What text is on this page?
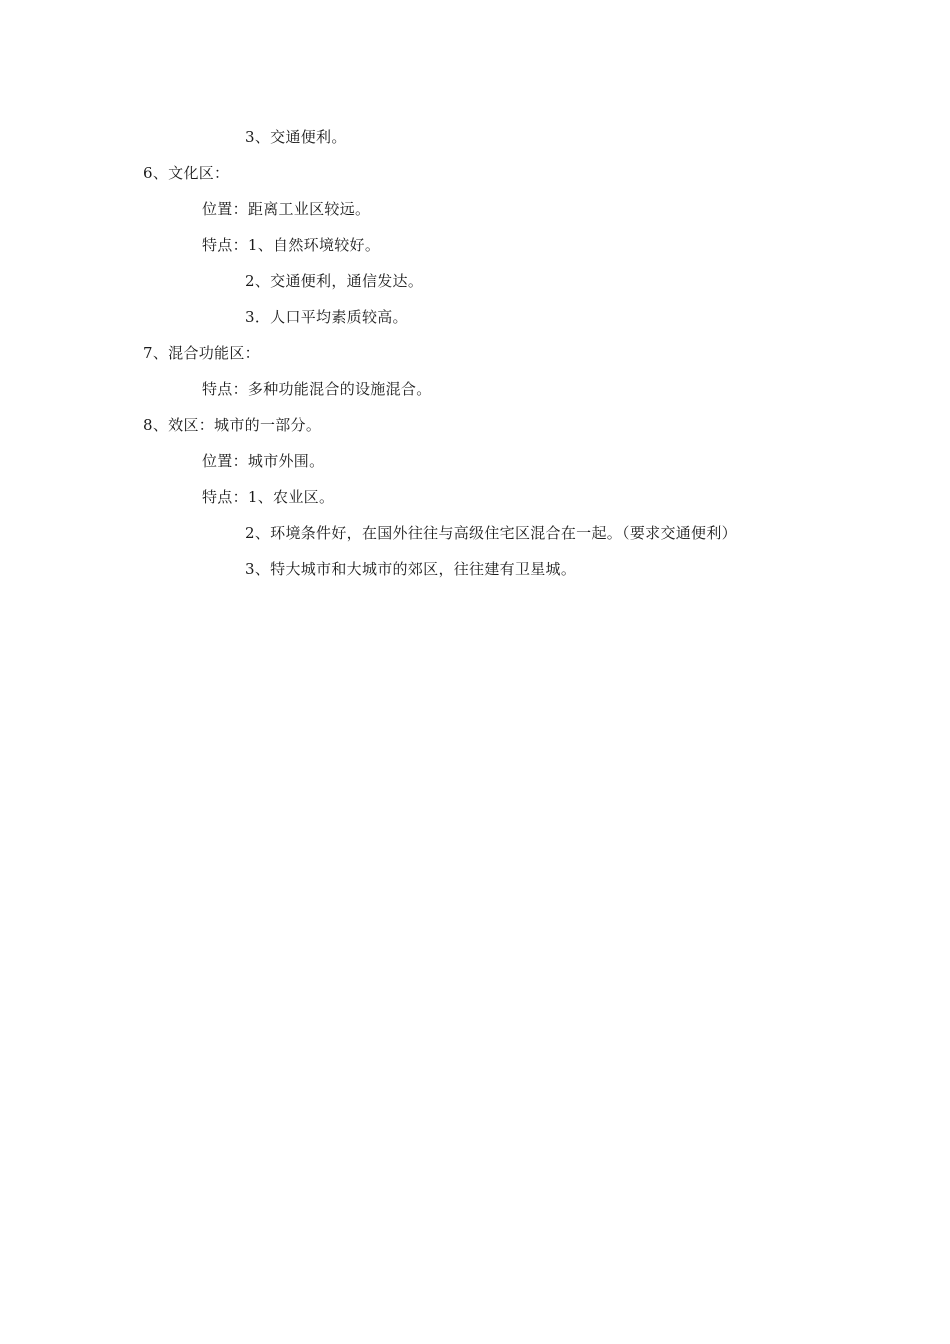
3、交通便利。
6、文化区：
位置：距离工业区较远。
特点：1、自然环境较好。
2、交通便利，通信发达。
3．人口平均素质较高。
7、混合功能区：
特点：多种功能混合的设施混合。
8、效区：城市的一部分。
位置：城市外围。
特点：1、农业区。
2、环境条件好，在国外往往与高级住宅区混合在一起。（要求交通便利）
3、特大城市和大城市的郊区，往往建有卫星城。
